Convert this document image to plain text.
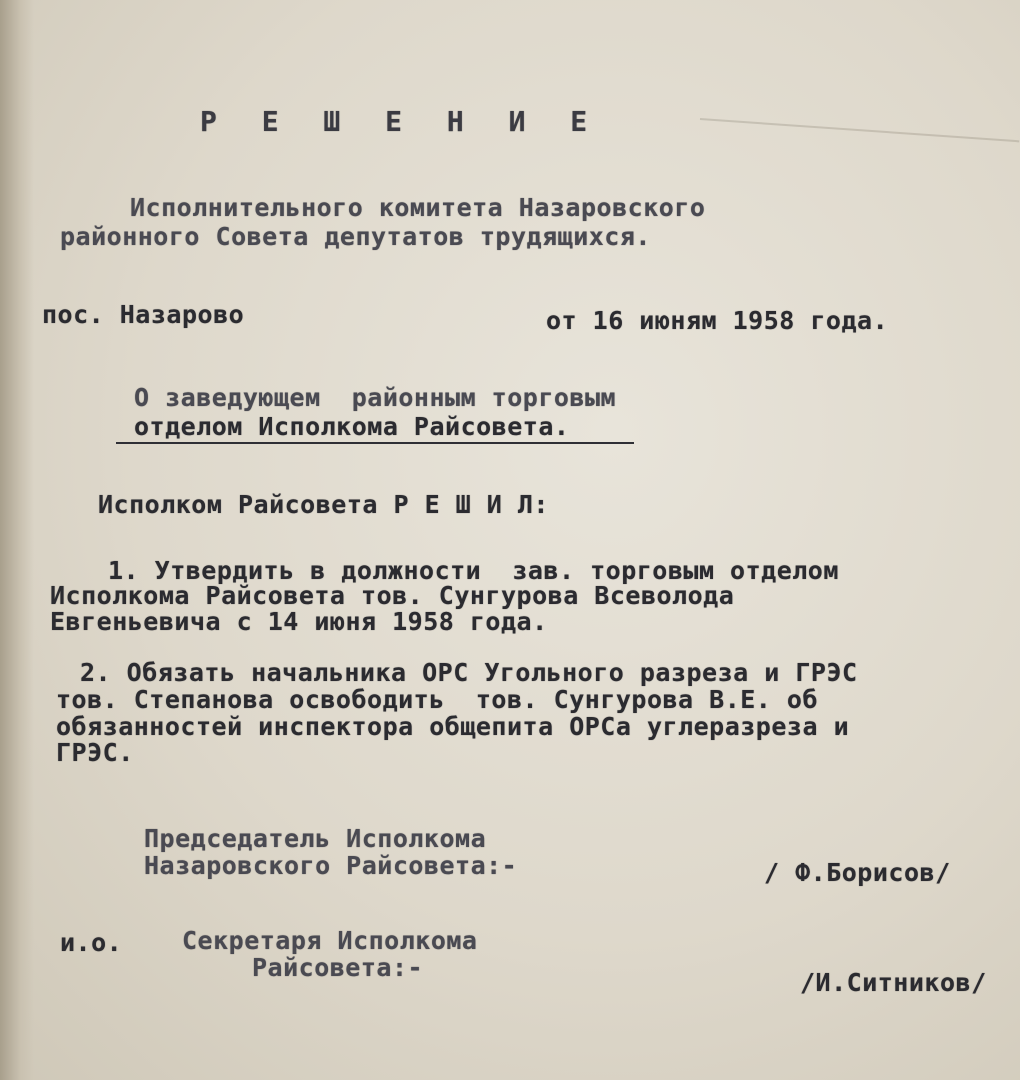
Р Е Ш Е Н И Е
Исполнительного комитета Назаровского
районного Совета депутатов трудящихся.
пос. Назарово	от 16 июням 1958 года.
О заведующем  районным торговым
отделом Исполкома Райсовета.
Исполком Райсовета Р Е Ш И Л:
1. Утвердить в должности  зав. торговым отделом
Исполкома Райсовета тов. Сунгурова Всеволода
Евгеньевича с 14 июня 1958 года.
2. Обязать начальника ОРС Угольного разреза и ГРЭС
тов. Степанова освободить  тов. Сунгурова В.Е. об
обязанностей инспектора общепита ОРСа углеразреза и
ГРЭС.
Председатель Исполкома
Назаровского Райсовета:-	/ Ф.Борисов/
и.о. Секретаря Исполкома
Райсовета:-
/И.Ситников/
